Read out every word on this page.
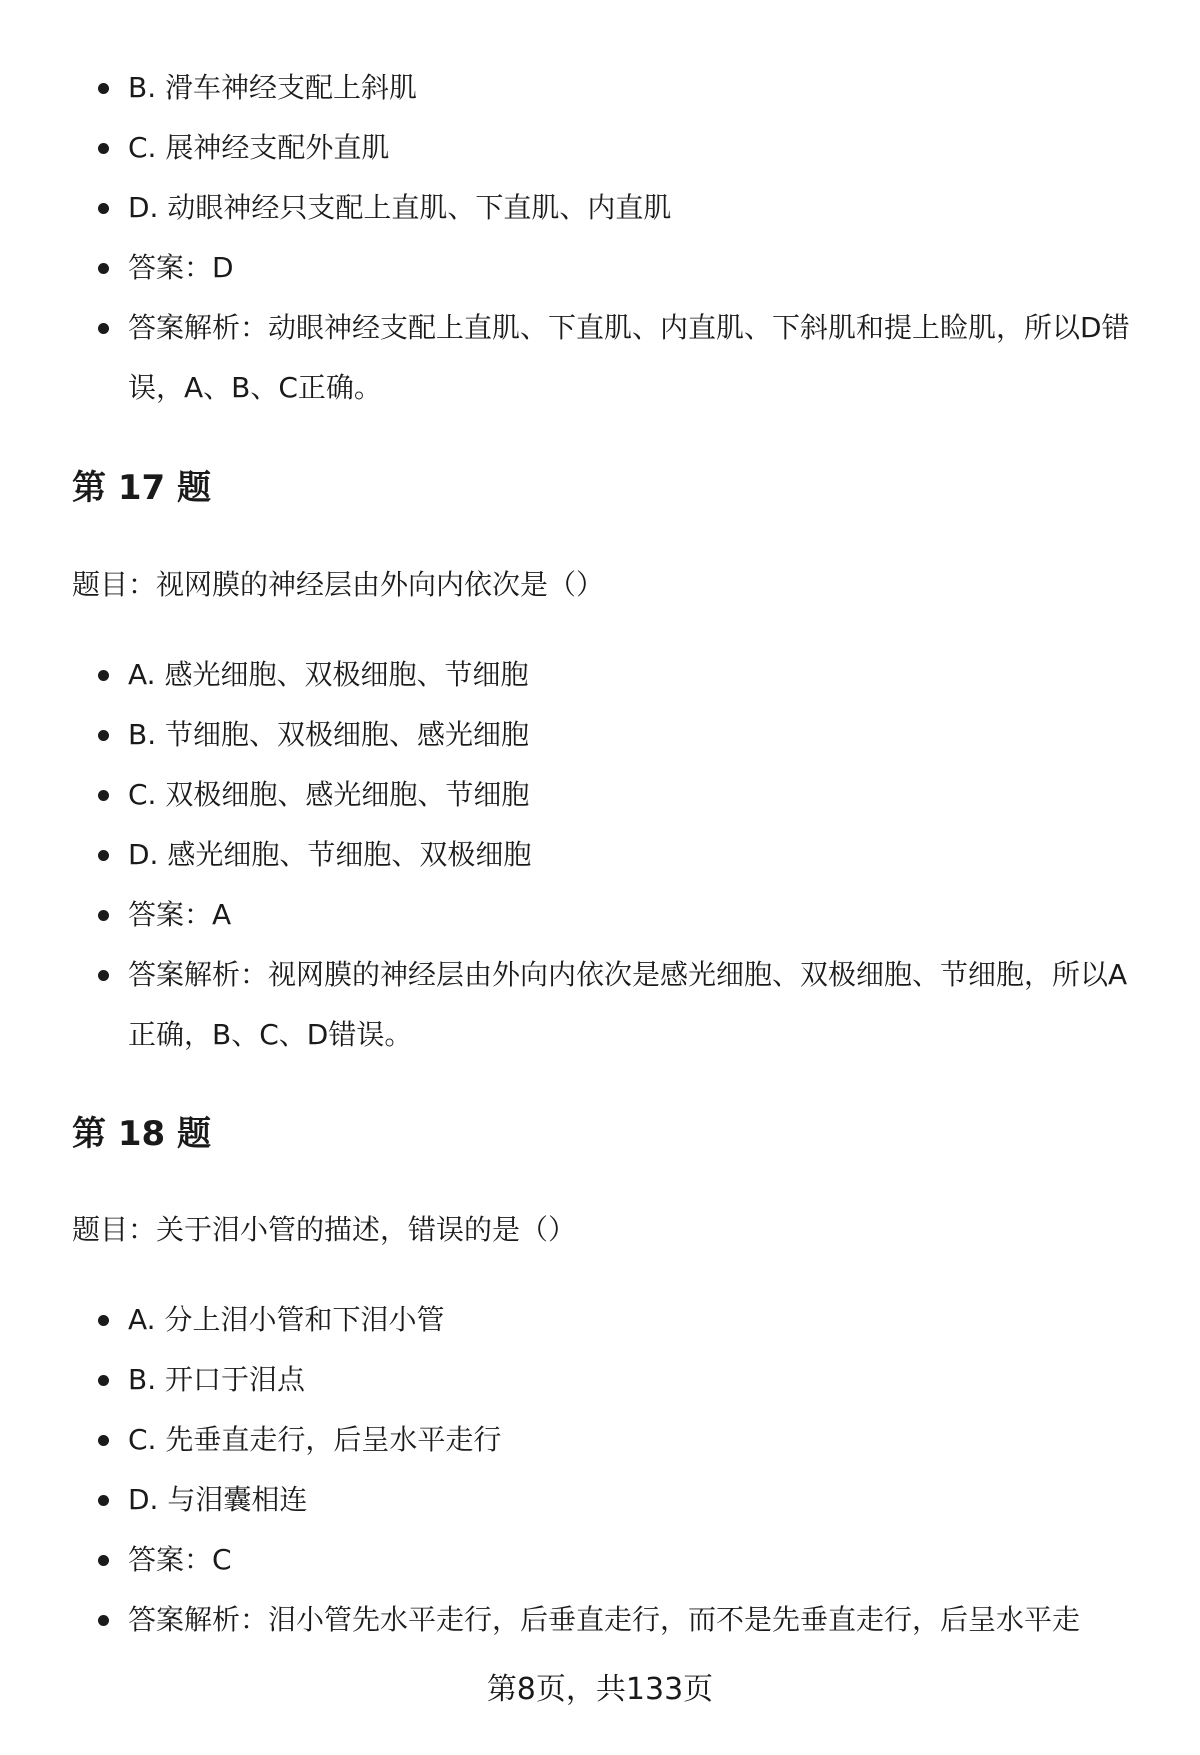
B. 滑车神经支配上斜肌
C. 展神经支配外直肌
D. 动眼神经只支配上直肌、下直肌、内直肌
答案：D
答案解析：动眼神经支配上直肌、下直肌、内直肌、下斜肌和提上睑肌，所以D错误，A、B、C正确。
第 17 题

题目：视网膜的神经层由外向内依次是（）

A. 感光细胞、双极细胞、节细胞
B. 节细胞、双极细胞、感光细胞
C. 双极细胞、感光细胞、节细胞
D. 感光细胞、节细胞、双极细胞
答案：A
答案解析：视网膜的神经层由外向内依次是感光细胞、双极细胞、节细胞，所以A正确，B、C、D错误。
第 18 题

题目：关于泪小管的描述，错误的是（）

A. 分上泪小管和下泪小管
B. 开口于泪点
C. 先垂直走行，后呈水平走行
D. 与泪囊相连
答案：C
答案解析：泪小管先水平走行，后垂直走行，而不是先垂直走行，后呈水平走
第8页，共133页
